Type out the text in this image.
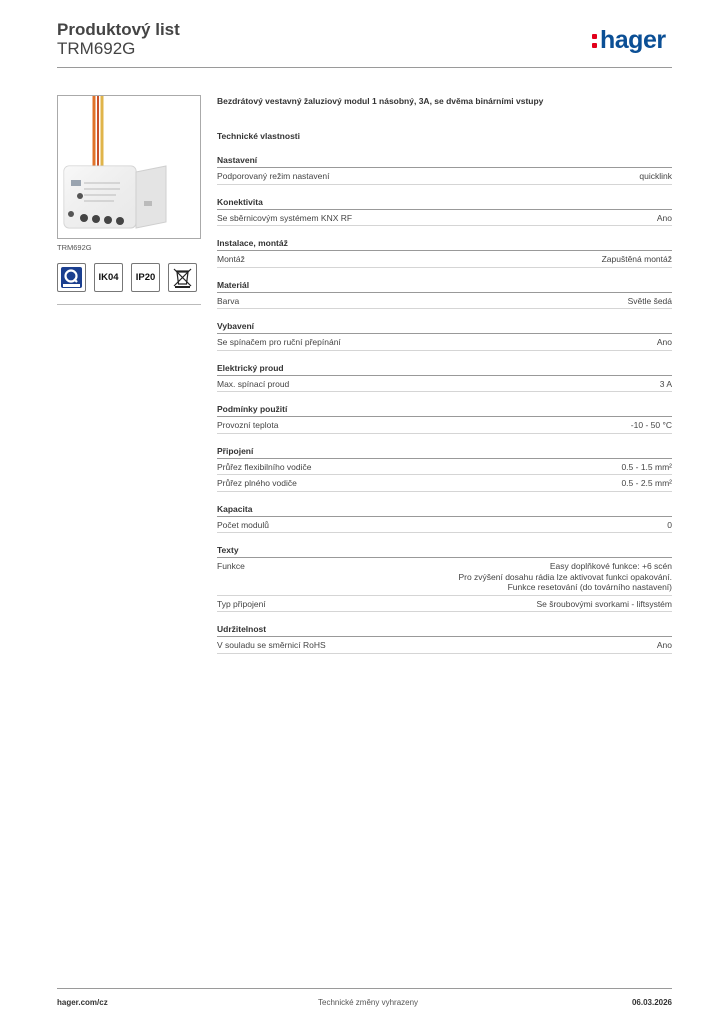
Produktový list
TRM692G	hager
TRM692G
IK04	IP20
Bezdrátový vestavný žaluziový modul 1 násobný, 3A, se dvěma binárními vstupy
Technické vlastnosti
Nastavení
Podporovaný režim nastavení	quicklink
Konektivita
Se sběrnicovým systémem KNX RF	Ano
Instalace, montáž
Montáž	Zapuštěná montáž
Materiál
Barva	Světle šedá
Vybavení
Se spínačem pro ruční přepínání	Ano
Elektrický proud
Max. spínací proud	3 A
Podmínky použití
Provozní teplota	-10 - 50 °C
Připojení
Průřez flexibilního vodiče	0.5 - 1.5 mm²
Průřez plného vodiče	0.5 - 2.5 mm²
Kapacita
Počet modulů	0
Texty
Funkce	Easy doplňkové funkce: +6 scén
Pro zvýšení dosahu rádia lze aktivovat funkci opakování.
Funkce resetování (do továrního nastavení)
Typ připojení	Se šroubovými svorkami - liftsystém
Udržitelnost
V souladu se směrnicí RoHS	Ano
hager.com/cz	Technické změny vyhrazeny	06.03.2026
